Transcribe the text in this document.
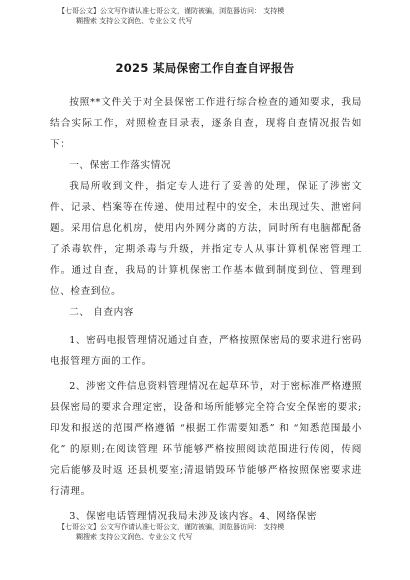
【七哥公文】公文写作请认准七哥公文，谨防被骗，浏览器访问： 支持模
糊搜索 支持公文润色、专业公文 代写
2025 某局保密工作自查自评报告

按照**文件关于对全县保密工作进行综合检查的通知要求，我局结合实际工作，对照检查目录表，逐条自查，现将自查情况报告如下：

一、保密工作落实情况

我局所收到文件，指定专人进行了妥善的处理，保证了涉密文件、记录、档案等在传递、使用过程中的安全，未出现过失、泄密问题。采用信息化机房，使用内外网分离的方法，同时所有电脑都配备了杀毒软件，定期杀毒与升级，并指定专人从事计算机保密管理工作。通过自查，我局的计算机保密工作基本做到制度到位、管理到位、检查到位。

二、 自查内容

1、密码电报管理情况通过自查，严格按照保密局的要求进行密码电报管理方面的工作。

2、涉密文件信息资料管理情况在起草环节，对于密标准严格遵照县保密局的要求合理定密，设备和场所能够完全符合安全保密的要求;印发和报送的范围严格遵循 “根据工作需要知悉” 和 “知悉范围最小化” 的原则;在阅读管理 环节能够严格按照阅读范围进行传阅，传阅完后能够及时返 还县机要室;清退销毁环节能够严格按照保密要求进行清理。

3、保密电话管理情况我局未涉及该内容。4、网络保密

【七哥公文】公文写作请认准七哥公文，谨防被骗，浏览器访问： 支持模
糊搜索 支持公文润色、专业公文 代写
